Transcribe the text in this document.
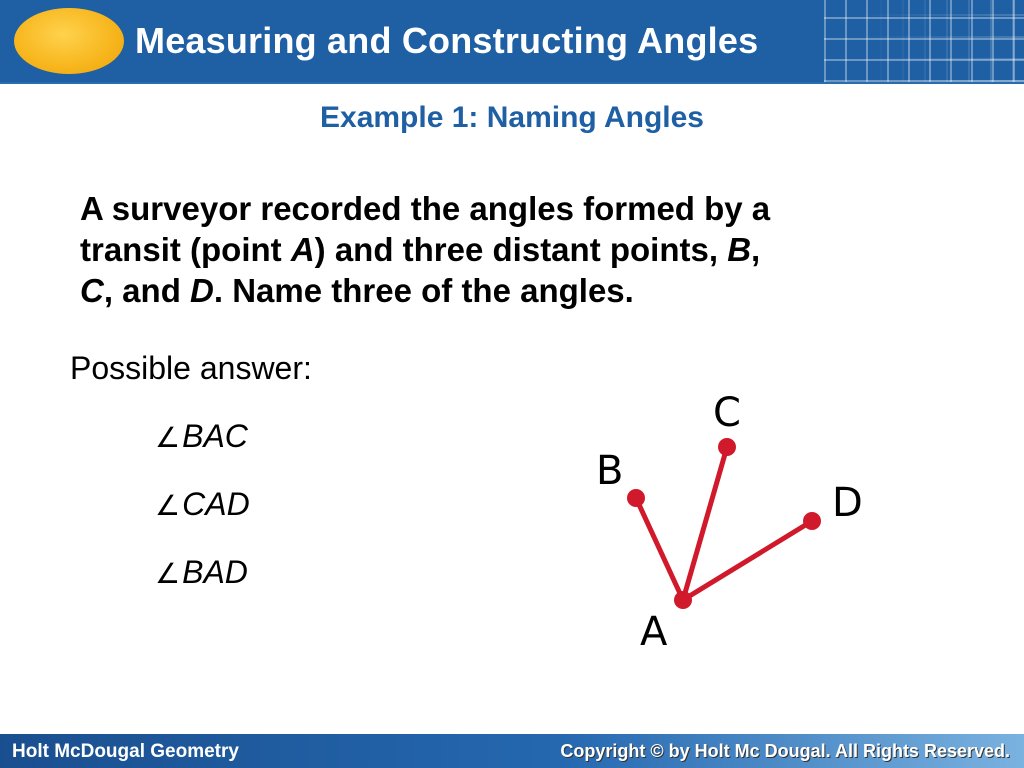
Measuring and Constructing Angles
Example 1: Naming Angles
A surveyor recorded the angles formed by a
transit (point A) and three distant points, B,
C, and D. Name three of the angles.
Possible answer:
∠BAC
∠CAD
∠BAD
A
B
C
D
Holt McDougal Geometry	Copyright © by Holt Mc Dougal. All Rights Reserved.
